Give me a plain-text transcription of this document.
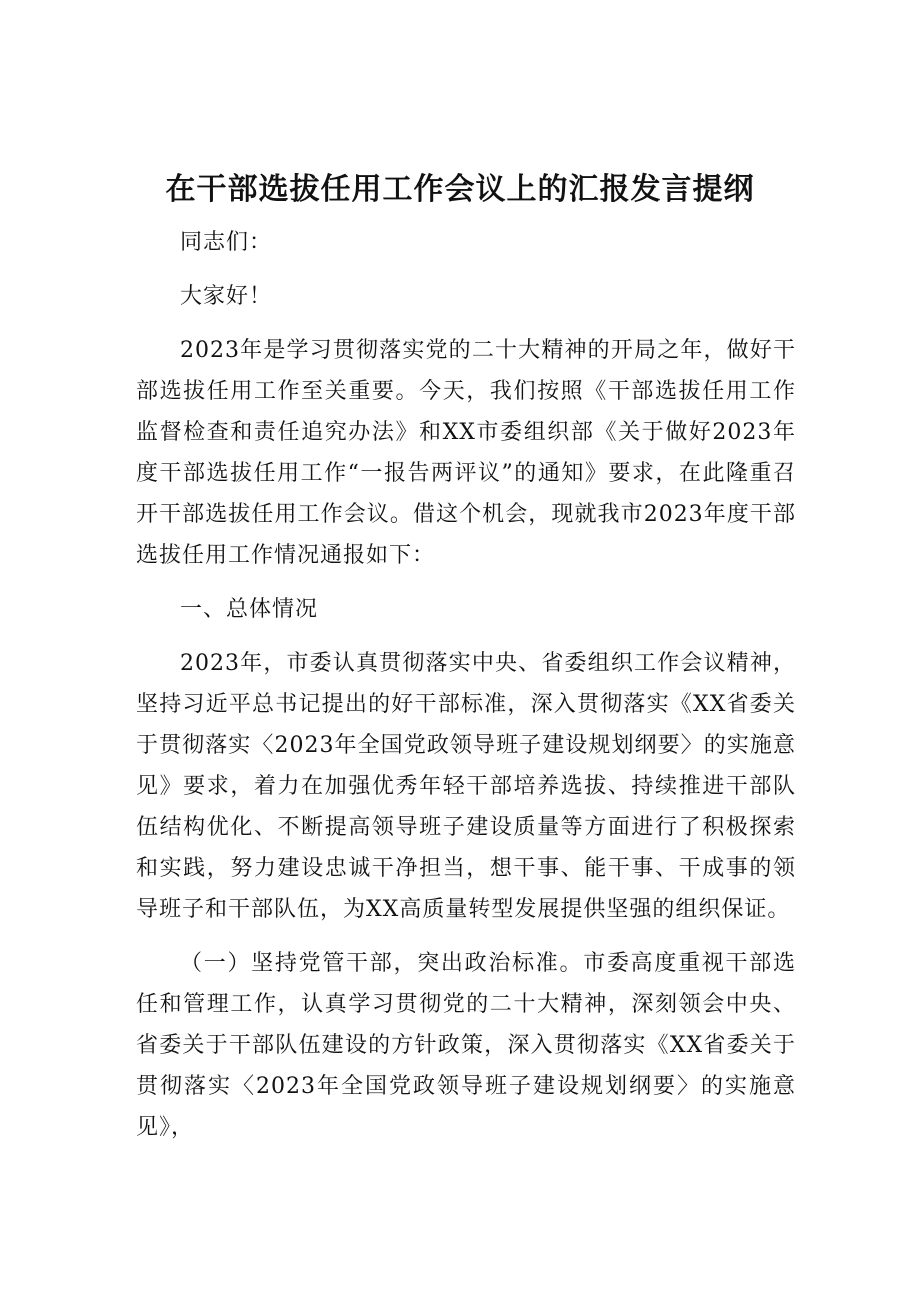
在干部选拔任用工作会议上的汇报发言提纲

同志们：

大家好！

2023年是学习贯彻落实党的二十大精神的开局之年，做好干部选拔任用工作至关重要。今天，我们按照《干部选拔任用工作监督检查和责任追究办法》和XX市委组织部《关于做好2023年度干部选拔任用工作“一报告两评议”的通知》要求，在此隆重召开干部选拔任用工作会议。借这个机会，现就我市2023年度干部选拔任用工作情况通报如下：

一、总体情况

2023年，市委认真贯彻落实中央、省委组织工作会议精神，坚持习近平总书记提出的好干部标准，深入贯彻落实《XX省委关于贯彻落实〈2023年全国党政领导班子建设规划纲要〉的实施意见》要求，着力在加强优秀年轻干部培养选拔、持续推进干部队伍结构优化、不断提高领导班子建设质量等方面进行了积极探索和实践，努力建设忠诚干净担当，想干事、能干事、干成事的领导班子和干部队伍，为XX高质量转型发展提供坚强的组织保证。

（一）坚持党管干部，突出政治标准。市委高度重视干部选任和管理工作，认真学习贯彻党的二十大精神，深刻领会中央、省委关于干部队伍建设的方针政策，深入贯彻落实《XX省委关于贯彻落实〈2023年全国党政领导班子建设规划纲要〉的实施意见》，
